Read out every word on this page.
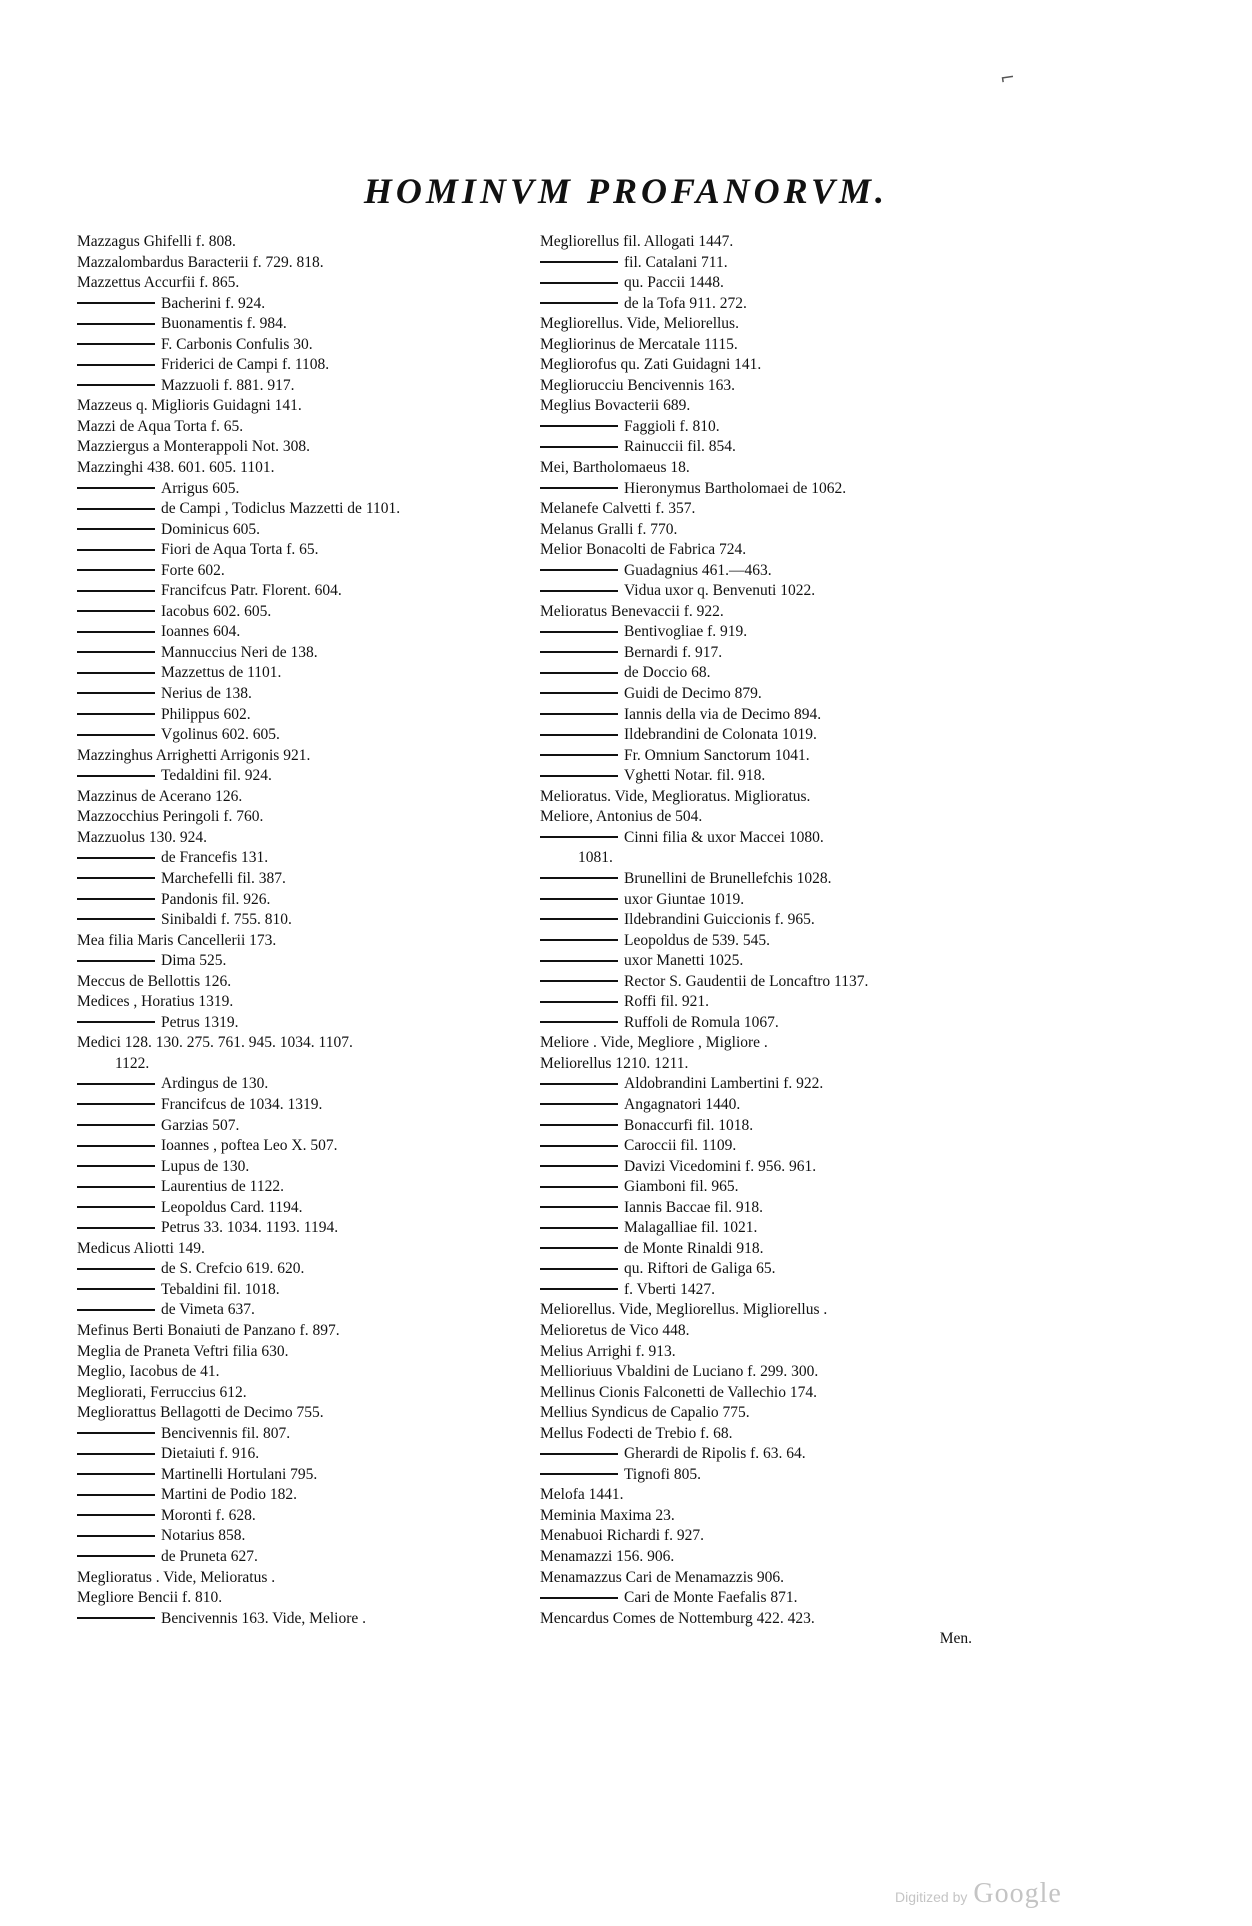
⌐
HOMINVM PROFANORVM.
Mazzagus Ghifelli f. 808.
Mazzalombardus Baracterii f. 729. 818.
Mazzettus Accurfii f. 865.
Bacherini f. 924.
Buonamentis f. 984.
F. Carbonis Confulis 30.
Friderici de Campi f. 1108.
Mazzuoli f. 881. 917.
Mazzeus q. Miglioris Guidagni 141.
Mazzi de Aqua Torta f. 65.
Mazziergus a Monterappoli Not. 308.
Mazzinghi 438. 601. 605. 1101.
Arrigus 605.
de Campi , Todiclus Mazzetti de 1101.
Dominicus 605.
Fiori de Aqua Torta f. 65.
Forte 602.
Francifcus Patr. Florent. 604.
Iacobus 602. 605.
Ioannes 604.
Mannuccius Neri de 138.
Mazzettus de 1101.
Nerius de 138.
Philippus 602.
Vgolinus 602. 605.
Mazzinghus Arrighetti Arrigonis 921.
Tedaldini fil. 924.
Mazzinus de Acerano 126.
Mazzocchius Peringoli f. 760.
Mazzuolus 130. 924.
de Francefis 131.
Marchefelli fil. 387.
Pandonis fil. 926.
Sinibaldi f. 755. 810.
Mea filia Maris Cancellerii 173.
Dima 525.
Meccus de Bellottis 126.
Medices , Horatius 1319.
Petrus 1319.
Medici 128. 130. 275. 761. 945. 1034. 1107.
1122.
Ardingus de 130.
Francifcus de 1034. 1319.
Garzias 507.
Ioannes , poftea Leo X. 507.
Lupus de 130.
Laurentius de 1122.
Leopoldus Card. 1194.
Petrus 33. 1034. 1193. 1194.
Medicus Aliotti 149.
de S. Crefcio 619. 620.
Tebaldini fil. 1018.
de Vimeta 637.
Mefinus Berti Bonaiuti de Panzano f. 897.
Meglia de Praneta Veftri filia 630.
Meglio, Iacobus de 41.
Megliorati, Ferruccius 612.
Megliorattus Bellagotti de Decimo 755.
Bencivennis fil. 807.
Dietaiuti f. 916.
Martinelli Hortulani 795.
Martini de Podio 182.
Moronti f. 628.
Notarius 858.
de Pruneta 627.
Meglioratus . Vide, Melioratus .
Megliore Bencii f. 810.
Bencivennis 163. Vide, Meliore .
Megliorellus fil. Allogati 1447.
fil. Catalani 711.
qu. Paccii 1448.
de la Tofa 911. 272.
Megliorellus. Vide, Meliorellus.
Megliorinus de Mercatale 1115.
Megliorofus qu. Zati Guidagni 141.
Megliorucciu Bencivennis 163.
Meglius Bovacterii 689.
Faggioli f. 810.
Rainuccii fil. 854.
Mei, Bartholomaeus 18.
Hieronymus Bartholomaei de 1062.
Melanefe Calvetti f. 357.
Melanus Gralli f. 770.
Melior Bonacolti de Fabrica 724.
Guadagnius 461.—463.
Vidua uxor q. Benvenuti 1022.
Melioratus Benevaccii f. 922.
Bentivogliae f. 919.
Bernardi f. 917.
de Doccio 68.
Guidi de Decimo 879.
Iannis della via de Decimo 894.
Ildebrandini de Colonata 1019.
Fr. Omnium Sanctorum 1041.
Vghetti Notar. fil. 918.
Melioratus. Vide, Meglioratus. Miglioratus.
Meliore, Antonius de 504.
Cinni filia & uxor Maccei 1080.
1081.
Brunellini de Brunellefchis 1028.
uxor Giuntae 1019.
Ildebrandini Guiccionis f. 965.
Leopoldus de 539. 545.
uxor Manetti 1025.
Rector S. Gaudentii de Loncaftro 1137.
Roffi fil. 921.
Ruffoli de Romula 1067.
Meliore . Vide, Megliore , Migliore .
Meliorellus 1210. 1211.
Aldobrandini Lambertini f. 922.
Angagnatori 1440.
Bonaccurfi fil. 1018.
Caroccii fil. 1109.
Davizi Vicedomini f. 956. 961.
Giamboni fil. 965.
Iannis Baccae fil. 918.
Malagalliae fil. 1021.
de Monte Rinaldi 918.
qu. Riftori de Galiga 65.
f. Vberti 1427.
Meliorellus. Vide, Megliorellus. Migliorellus .
Melioretus de Vico 448.
Melius Arrighi f. 913.
Mellioriuus Vbaldini de Luciano f. 299. 300.
Mellinus Cionis Falconetti de Vallechio 174.
Mellius Syndicus de Capalio 775.
Mellus Fodecti de Trebio f. 68.
Gherardi de Ripolis f. 63. 64.
Tignofi 805.
Melofa 1441.
Meminia Maxima 23.
Menabuoi Richardi f. 927.
Menamazzi 156. 906.
Menamazzus Cari de Menamazzis 906.
Cari de Monte Faefalis 871.
Mencardus Comes de Nottemburg 422. 423.
Men.
Digitized by Google
